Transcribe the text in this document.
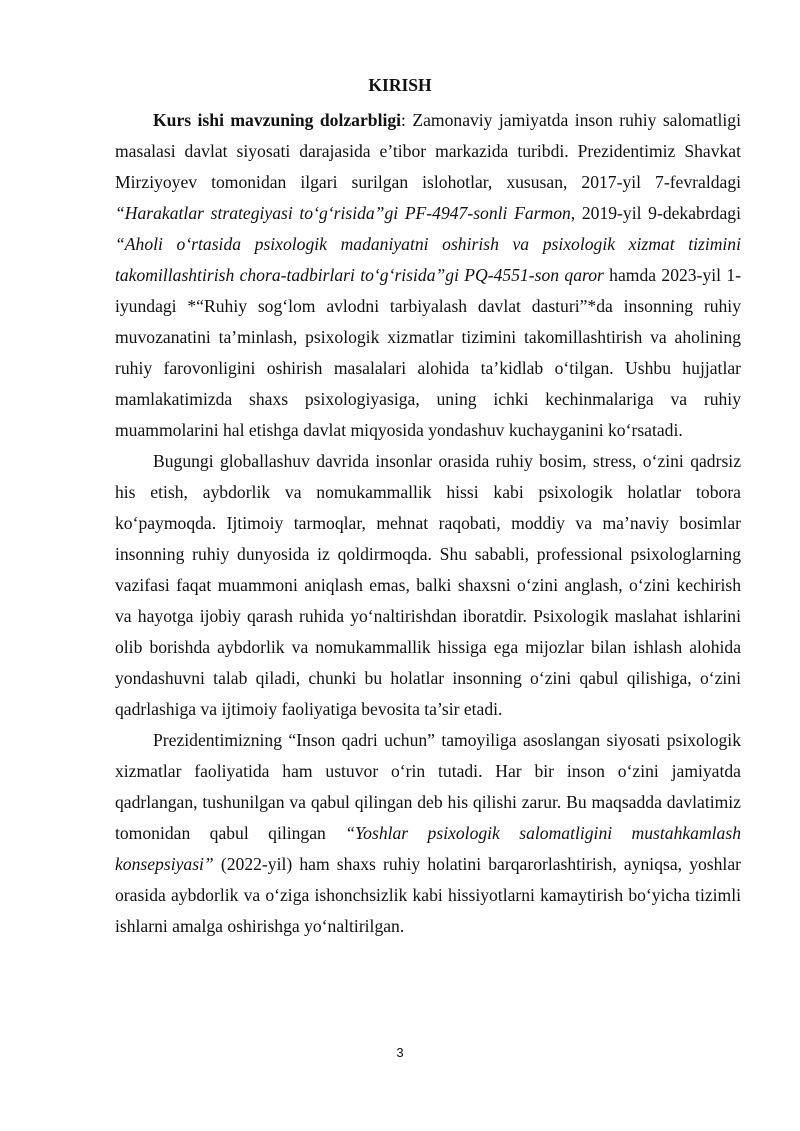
KIRISH

Kurs ishi mavzuning dolzarbligi: Zamonaviy jamiyatda inson ruhiy salomatligi masalasi davlat siyosati darajasida e’tibor markazida turibdi. Prezidentimiz Shavkat Mirziyoyev tomonidan ilgari surilgan islohotlar, xususan, 2017-yil 7-fevraldagi “Harakatlar strategiyasi to‘g‘risida”gi PF-4947-sonli Farmon, 2019-yil 9-dekabrdagi “Aholi o‘rtasida psixologik madaniyatni oshirish va psixologik xizmat tizimini takomillashtirish chora-tadbirlari to‘g‘risida”gi PQ-4551-son qaror hamda 2023-yil 1-iyundagi *“Ruhiy sog‘lom avlodni tarbiyalash davlat dasturi”*da insonning ruhiy muvozanatini ta’minlash, psixologik xizmatlar tizimini takomillashtirish va aholining ruhiy farovonligini oshirish masalalari alohida ta’kidlab o‘tilgan. Ushbu hujjatlar mamlakatimizda shaxs psixologiyasiga, uning ichki kechinmalariga va ruhiy muammolarini hal etishga davlat miqyosida yondashuv kuchayganini ko‘rsatadi.

Bugungi globallashuv davrida insonlar orasida ruhiy bosim, stress, o‘zini qadrsiz his etish, aybdorlik va nomukammallik hissi kabi psixologik holatlar tobora ko‘paymoqda. Ijtimoiy tarmoqlar, mehnat raqobati, moddiy va ma’naviy bosimlar insonning ruhiy dunyosida iz qoldirmoqda. Shu sababli, professional psixologlarning vazifasi faqat muammoni aniqlash emas, balki shaxsni o‘zini anglash, o‘zini kechirish va hayotga ijobiy qarash ruhida yo‘naltirishdan iboratdir. Psixologik maslahat ishlarini olib borishda aybdorlik va nomukammallik hissiga ega mijozlar bilan ishlash alohida yondashuvni talab qiladi, chunki bu holatlar insonning o‘zini qabul qilishiga, o‘zini qadrlashiga va ijtimoiy faoliyatiga bevosita ta’sir etadi.

Prezidentimizning “Inson qadri uchun” tamoyiliga asoslangan siyosati psixologik xizmatlar faoliyatida ham ustuvor o‘rin tutadi. Har bir inson o‘zini jamiyatda qadrlangan, tushunilgan va qabul qilingan deb his qilishi zarur. Bu maqsadda davlatimiz tomonidan qabul qilingan “Yoshlar psixologik salomatligini mustahkamlash konsepsiyasi” (2022-yil) ham shaxs ruhiy holatini barqarorlashtirish, ayniqsa, yoshlar orasida aybdorlik va o‘ziga ishonchsizlik kabi hissiyotlarni kamaytirish bo‘yicha tizimli ishlarni amalga oshirishga yo‘naltirilgan.

3
